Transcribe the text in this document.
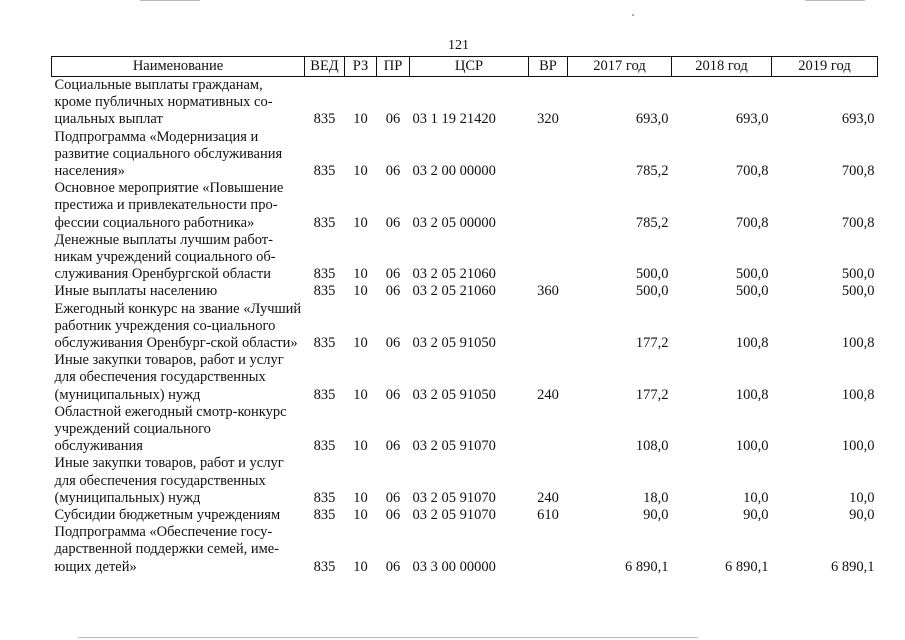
121
Наименование	ВЕД	РЗ	ПР	ЦСР	ВР	2017 год	2018 год	2019 год
Социальные выплаты гражданам, кроме публичных нормативных со-циальных выплат	835	10	06	03 1 19 21420	320	693,0	693,0	693,0
Подпрограмма «Модернизация и развитие социального обслуживания населения»	835	10	06	03 2 00 00000		785,2	700,8	700,8
Основное мероприятие «Повышение престижа и привлекательности про-фессии социального работника»	835	10	06	03 2 05 00000		785,2	700,8	700,8
Денежные выплаты лучшим работ-никам учреждений социального об-служивания Оренбургской области	835	10	06	03 2 05 21060		500,0	500,0	500,0
Иные выплаты населению	835	10	06	03 2 05 21060	360	500,0	500,0	500,0
Ежегодный конкурс на звание «Лучший работник учреждения со-циального обслуживания Оренбург-ской области»	835	10	06	03 2 05 91050		177,2	100,8	100,8
Иные закупки товаров, работ и услуг для обеспечения государственных (муниципальных) нужд	835	10	06	03 2 05 91050	240	177,2	100,8	100,8
Областной ежегодный смотр-конкурс учреждений социального обслуживания	835	10	06	03 2 05 91070		108,0	100,0	100,0
Иные закупки товаров, работ и услуг для обеспечения государственных (муниципальных) нужд	835	10	06	03 2 05 91070	240	18,0	10,0	10,0
Субсидии бюджетным учреждениям	835	10	06	03 2 05 91070	610	90,0	90,0	90,0
Подпрограмма «Обеспечение госу-дарственной поддержки семей, име-ющих детей»	835	10	06	03 3 00 00000		6 890,1	6 890,1	6 890,1
